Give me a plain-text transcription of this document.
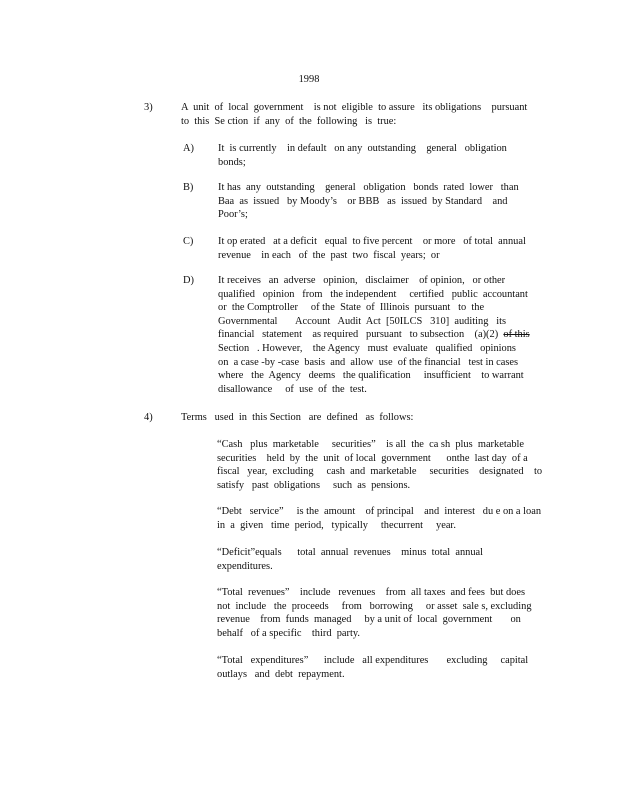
1998
3)	A  unit  of  local  government    is not  eligible  to assure   its obligations    pursuant
to  this  Se ction  if  any  of  the  following   is  true:
A) It  is currently    in default   on any  outstanding    general   obligation
bonds;
B) It has  any  outstanding    general   obligation   bonds  rated  lower   than
Baa  as  issued   by Moody’s    or BBB   as  issued  by Standard    and
Poor’s;
C) It op erated   at a deficit   equal  to five percent    or more   of total  annual
revenue    in each   of  the  past  two  fiscal  years;  or
D) It receives   an  adverse   opinion,   disclaimer    of opinion,   or other
qualified   opinion   from   the independent     certified   public  accountant
or  the Comptroller     of the  State  of  Illinois  pursuant   to  the
Governmental       Account   Audit  Act  [50ILCS   310]  auditing   its
financial   statement    as required   pursuant   to subsection    (a)(2) of this
Section   . However,    the Agency   must  evaluate   qualified   opinions
on  a case -by -case  basis  and  allow  use  of the financial   test in cases
where   the  Agency   deems   the qualification     insufficient    to warrant
disallowance     of  use  of  the  test.
4)	Terms   used  in  this Section   are  defined   as  follows:
“Cash   plus  marketable     securities”    is all  the  ca sh  plus  marketable
securities    held  by  the  unit  of local  government      onthe  last day  of a
fiscal   year,  excluding     cash  and  marketable     securities    designated    to
satisfy   past  obligations     such  as  pensions.
“Debt   service”     is the  amount    of principal    and  interest   du e on a loan
in  a  given   time  period,   typically     thecurrent     year.
“Deficit”equals      total  annual  revenues    minus  total  annual
expenditures.
“Total  revenues”    include   revenues    from  all taxes  and fees  but does
not  include   the  proceeds     from   borrowing     or asset  sale s, excluding
revenue    from  funds  managed     by a unit of  local  government       on
behalf   of a specific    third  party.
“Total   expenditures”      include   all expenditures       excluding     capital
outlays   and  debt  repayment.
